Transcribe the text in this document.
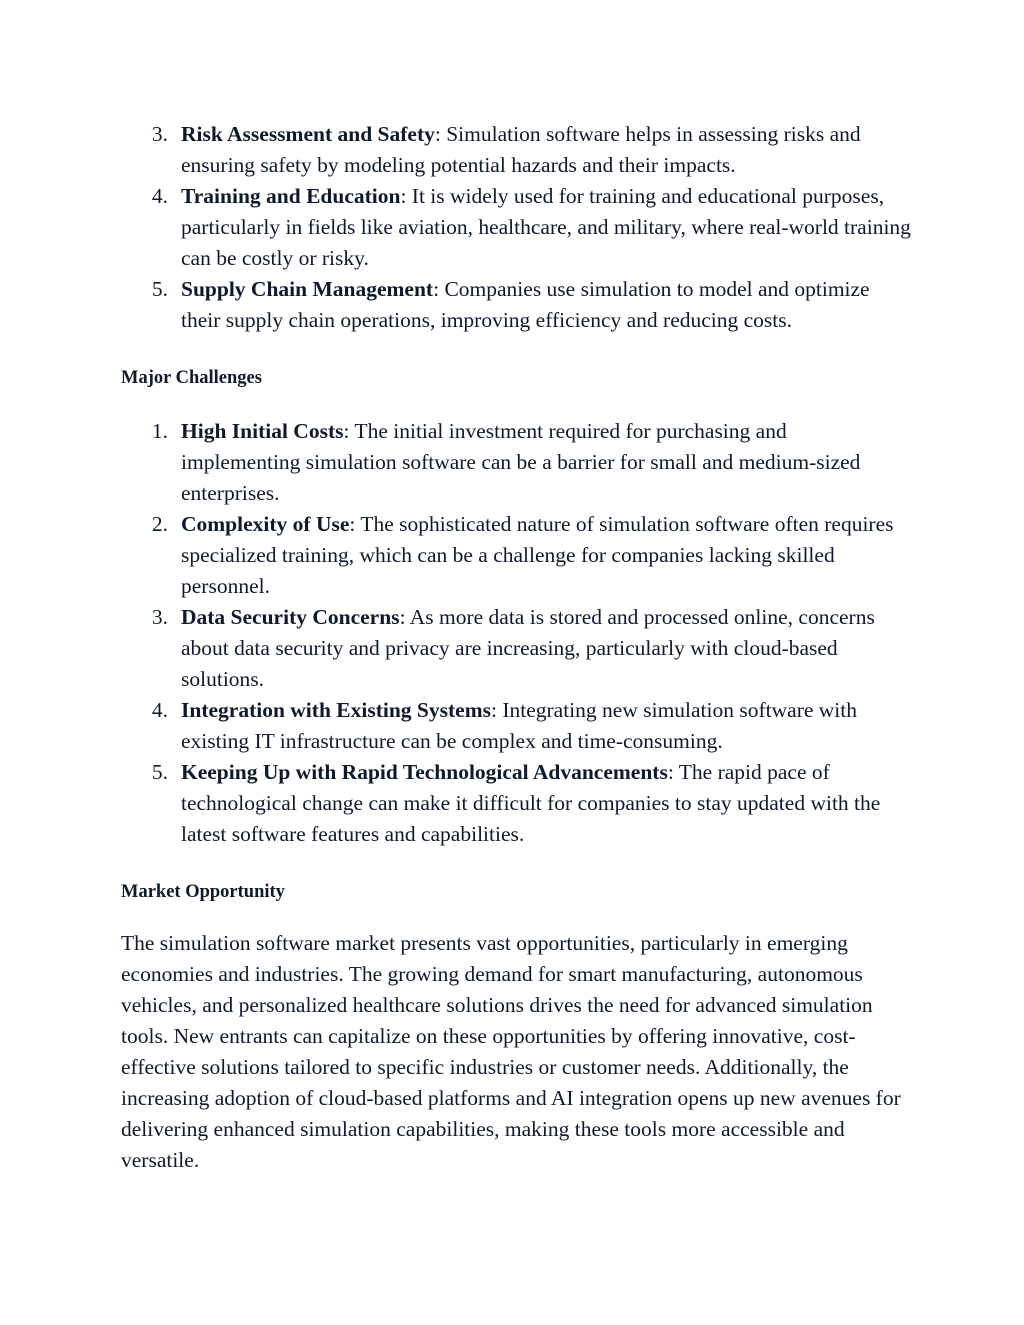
3. Risk Assessment and Safety: Simulation software helps in assessing risks and ensuring safety by modeling potential hazards and their impacts.
4. Training and Education: It is widely used for training and educational purposes, particularly in fields like aviation, healthcare, and military, where real-world training can be costly or risky.
5. Supply Chain Management: Companies use simulation to model and optimize their supply chain operations, improving efficiency and reducing costs.
Major Challenges
1. High Initial Costs: The initial investment required for purchasing and implementing simulation software can be a barrier for small and medium-sized enterprises.
2. Complexity of Use: The sophisticated nature of simulation software often requires specialized training, which can be a challenge for companies lacking skilled personnel.
3. Data Security Concerns: As more data is stored and processed online, concerns about data security and privacy are increasing, particularly with cloud-based solutions.
4. Integration with Existing Systems: Integrating new simulation software with existing IT infrastructure can be complex and time-consuming.
5. Keeping Up with Rapid Technological Advancements: The rapid pace of technological change can make it difficult for companies to stay updated with the latest software features and capabilities.
Market Opportunity

The simulation software market presents vast opportunities, particularly in emerging economies and industries. The growing demand for smart manufacturing, autonomous vehicles, and personalized healthcare solutions drives the need for advanced simulation tools. New entrants can capitalize on these opportunities by offering innovative, cost-effective solutions tailored to specific industries or customer needs. Additionally, the increasing adoption of cloud-based platforms and AI integration opens up new avenues for delivering enhanced simulation capabilities, making these tools more accessible and versatile.
